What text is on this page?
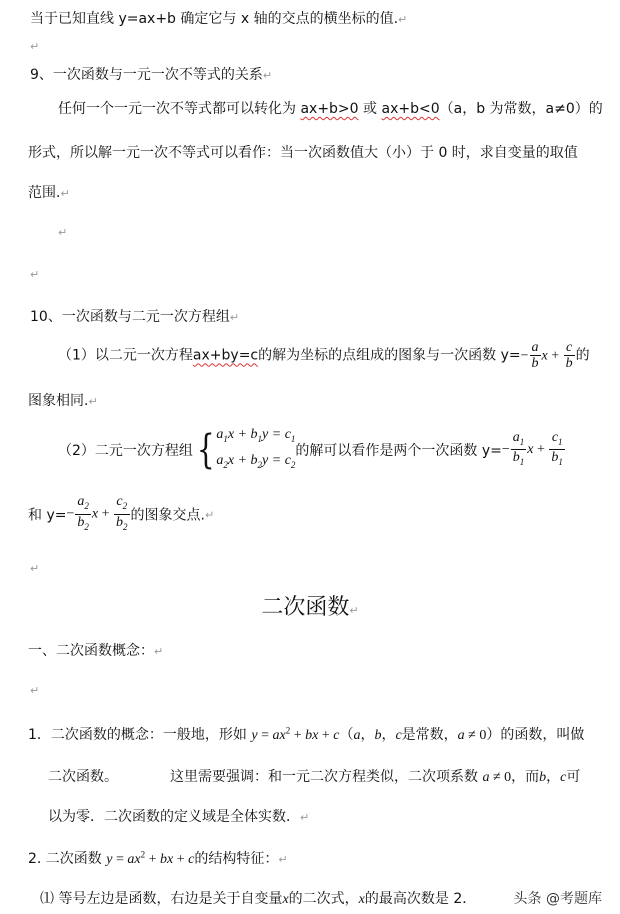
当于已知直线 y=ax+b 确定它与 x 轴的交点的横坐标的值.↵
↵
9、一次函数与一元一次不等式的关系↵
任何一个一元一次不等式都可以转化为 ax+b>0 或 ax+b<0（a，b 为常数，a≠0）的
形式，所以解一元一次不等式可以看作：当一次函数值大（小）于 0 时，求自变量的取值
范围.↵
↵
↵
10、一次函数与二元一次方程组↵
（1）以二元一次方程ax+by=c的解为坐标的点组成的图象与一次函数 $y=- \frac{a}{b}$ $x + \frac{c}{b}$ 的
图象相同.↵
（2）二元一次方程组{ $a_1x + b_1y = c_1$
$a_2x + b_2y = c_2$
的解可以看作是两个一次函数 $y=- \frac{a_1}{b_1}$ $x + \frac{c_1}{b_1}$
和 $y=- \frac{a_2}{b_2}$ $x + \frac{c_2}{b_2}$ 的图象交点.↵
↵
二次函数↵
一、二次函数概念：↵
↵
1．二次函数的概念：一般地，形如 $y = ax^2$ + bx + c（a，b，c是常数，a ≠ 0）的函数，叫做
二次函数。	这里需要强调：和一元二次方程类似，二次项系数 a ≠ 0，而b，c可
以为零．二次函数的定义域是全体实数．↵
2. 二次函数 $y = ax^2$ + bx + c的结构特征：↵
⑴ 等号左边是函数，右边是关于自变量x的二次式，x的最高次数是 2．	头条 @考题库
